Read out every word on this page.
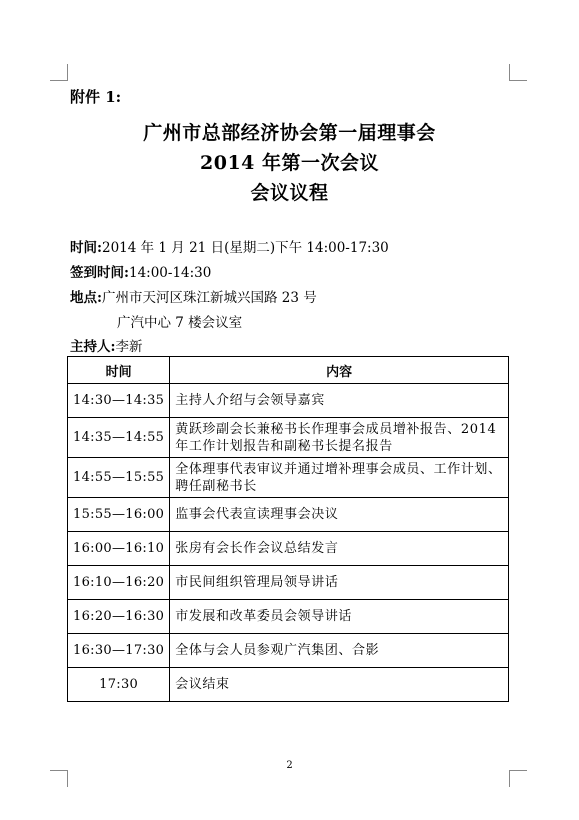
附件 1:
广州市总部经济协会第一届理事会
2014 年第一次会议
会议议程
时间:2014 年 1 月 21 日(星期二)下午 14:00-17:30
签到时间:14:00-14:30
地点:广州市天河区珠江新城兴国路 23 号
广汽中心 7 楼会议室
主持人:李新
时间	内容
14:30—14:35	主持人介绍与会领导嘉宾
14:35—14:55	黄跃珍副会长兼秘书长作理事会成员增补报告、2014 年工作计划报告和副秘书长提名报告
14:55—15:55	全体理事代表审议并通过增补理事会成员、工作计划、聘任副秘书长
15:55—16:00	监事会代表宣读理事会决议
16:00—16:10	张房有会长作会议总结发言
16:10—16:20	市民间组织管理局领导讲话
16:20—16:30	市发展和改革委员会领导讲话
16:30—17:30	全体与会人员参观广汽集团、合影
17:30	会议结束
2
